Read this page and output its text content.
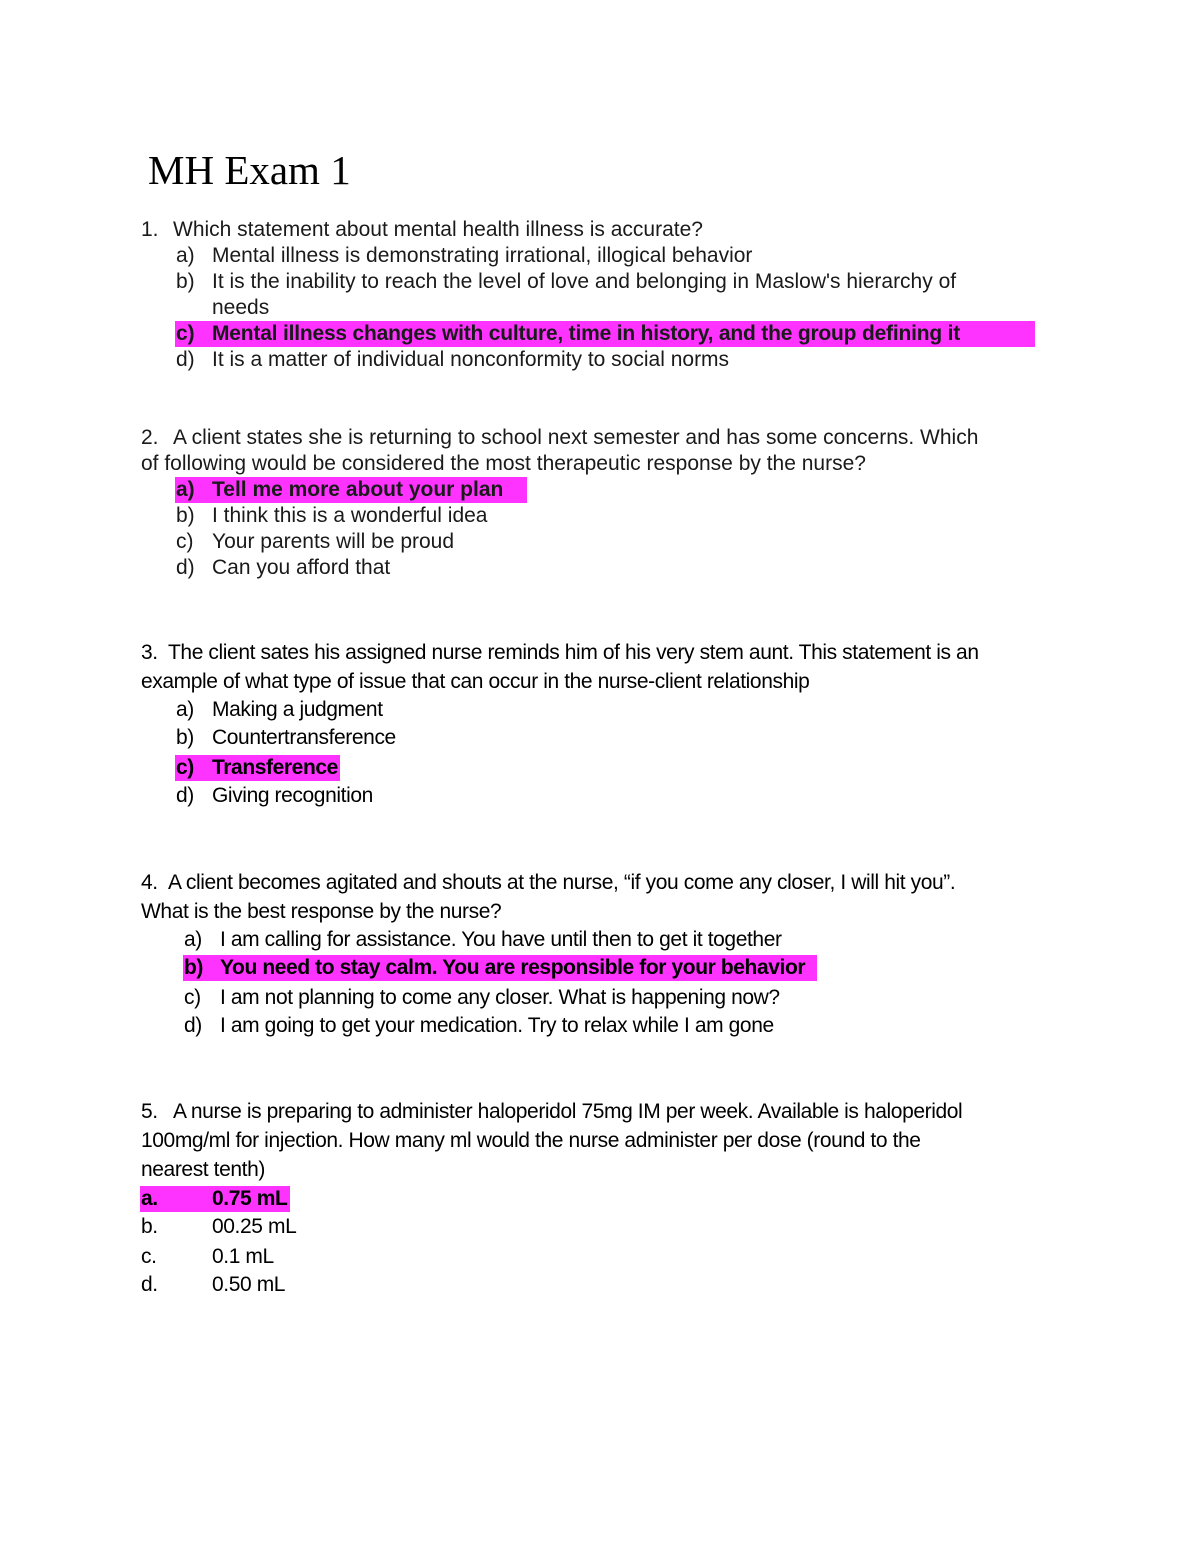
MH Exam 1
1. Which statement about mental health illness is accurate?
a) Mental illness is demonstrating irrational, illogical behavior
b) It is the inability to reach the level of love and belonging in Maslow's hierarchy of
needs
c) Mental illness changes with culture, time in history, and the group defining it
d) It is a matter of individual nonconformity to social norms
2. A client states she is returning to school next semester and has some concerns. Which
of following would be considered the most therapeutic response by the nurse?
a) Tell me more about your plan
b) I think this is a wonderful idea
c) Your parents will be proud
d) Can you afford that
3. The client sates his assigned nurse reminds him of his very stem aunt. This statement is an
example of what type of issue that can occur in the nurse-client relationship
a) Making a judgment
b) Countertransference
c) Transference
d) Giving recognition
4. A client becomes agitated and shouts at the nurse, “if you come any closer, I will hit you”.
What is the best response by the nurse?
a) I am calling for assistance. You have until then to get it together
b) You need to stay calm. You are responsible for your behavior
c) I am not planning to come any closer. What is happening now?
d) I am going to get your medication. Try to relax while I am gone
5. A nurse is preparing to administer haloperidol 75mg IM per week. Available is haloperidol
100mg/ml for injection. How many ml would the nurse administer per dose (round to the
nearest tenth)
a.	0.75 mL
b.	00.25 mL
c.	0.1 mL
d.	0.50 mL
